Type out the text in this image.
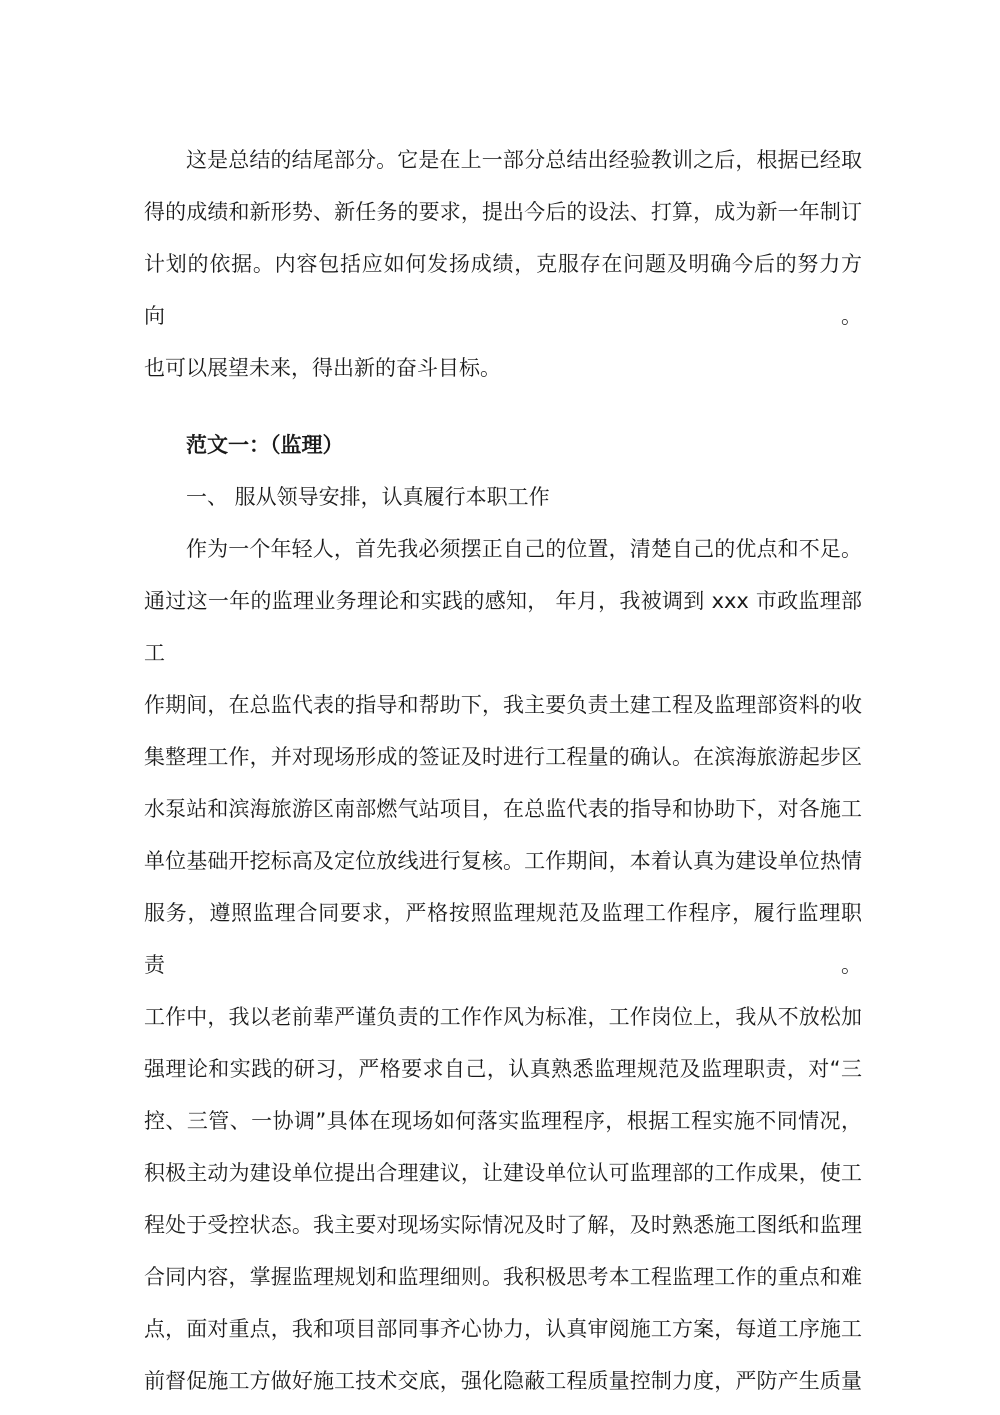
这是总结的结尾部分。它是在上一部分总结出经验教训之后，根据已经取
得的成绩和新形势、新任务的要求，提出今后的设法、打算，成为新一年制订
计划的依据。内容包括应如何发扬成绩，克服存在问题及明确今后的努力方向。
也可以展望未来，得出新的奋斗目标。
范文一：（监理）
一、 服从领导安排，认真履行本职工作
作为一个年轻人，首先我必须摆正自己的位置，清楚自己的优点和不足。
通过这一年的监理业务理论和实践的感知， 年月，我被调到 xxx 市政监理部工
作期间，在总监代表的指导和帮助下，我主要负责土建工程及监理部资料的收
集整理工作，并对现场形成的签证及时进行工程量的确认。在滨海旅游起步区
水泵站和滨海旅游区南部燃气站项目，在总监代表的指导和协助下，对各施工
单位基础开挖标高及定位放线进行复核。工作期间，本着认真为建设单位热情
服务，遵照监理合同要求，严格按照监理规范及监理工作程序，履行监理职责。
工作中，我以老前辈严谨负责的工作作风为标准，工作岗位上，我从不放松加
强理论和实践的研习，严格要求自己，认真熟悉监理规范及监理职责，对“三
控、三管、一协调”具体在现场如何落实监理程序，根据工程实施不同情况，
积极主动为建设单位提出合理建议，让建设单位认可监理部的工作成果，使工
程处于受控状态。我主要对现场实际情况及时了解，及时熟悉施工图纸和监理
合同内容，掌握监理规划和监理细则。我积极思考本工程监理工作的重点和难
点，面对重点，我和项目部同事齐心协力，认真审阅施工方案，每道工序施工
前督促施工方做好施工技术交底，强化隐蔽工程质量控制力度，严防产生质量
